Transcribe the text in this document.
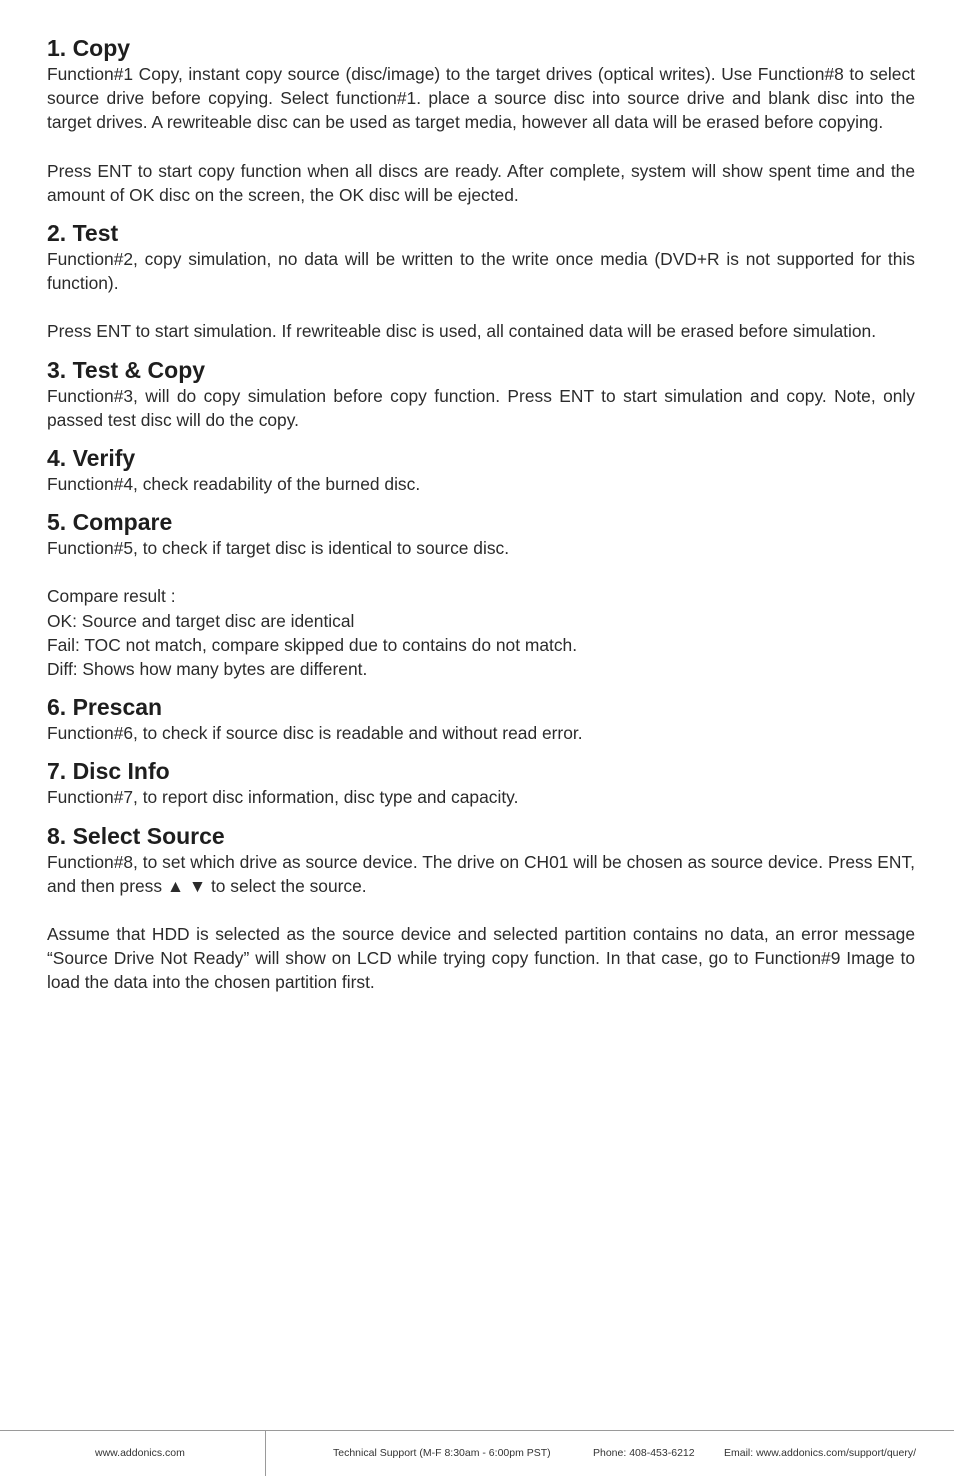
1. Copy

Function#1 Copy, instant copy source (disc/image) to the target drives (optical writes). Use Function#8 to select source drive before copying. Select function#1. place a source disc into source drive and blank disc into the target drives. A rewriteable disc can be used as target media, however all data will be erased before copying.

Press ENT to start copy function when all discs are ready. After complete, system will show spent time and the amount of OK disc on the screen, the OK disc will be ejected.

2. Test

Function#2, copy simulation, no data will be written to the write once media (DVD+R is not supported for this function).

Press ENT to start simulation. If rewriteable disc is used, all contained data will be erased before simulation.

3. Test & Copy

Function#3, will do copy simulation before copy function. Press ENT to start simulation and copy. Note, only passed test disc will do the copy.

4. Verify

Function#4, check readability of the burned disc.

5. Compare

Function#5, to check if target disc is identical to source disc.

Compare result :
OK: Source and target disc are identical
Fail: TOC not match, compare skipped due to contains do not match.
Diff: Shows how many bytes are different.

6. Prescan

Function#6, to check if source disc is readable and without read error.

7. Disc Info

Function#7, to report disc information, disc type and capacity.

8. Select Source

Function#8, to set which drive as source device. The drive on CH01 will be chosen as source device. Press ENT, and then press ▲ ▼ to select the source.

Assume that HDD is selected as the source device and selected partition contains no data, an error message “Source Drive Not Ready” will show on LCD while trying copy function. In that case, go to Function#9 Image to load the data into the chosen partition first.

www.addonics.com	Technical Support (M-F 8:30am - 6:00pm PST)	Phone: 408-453-6212	Email: www.addonics.com/support/query/
